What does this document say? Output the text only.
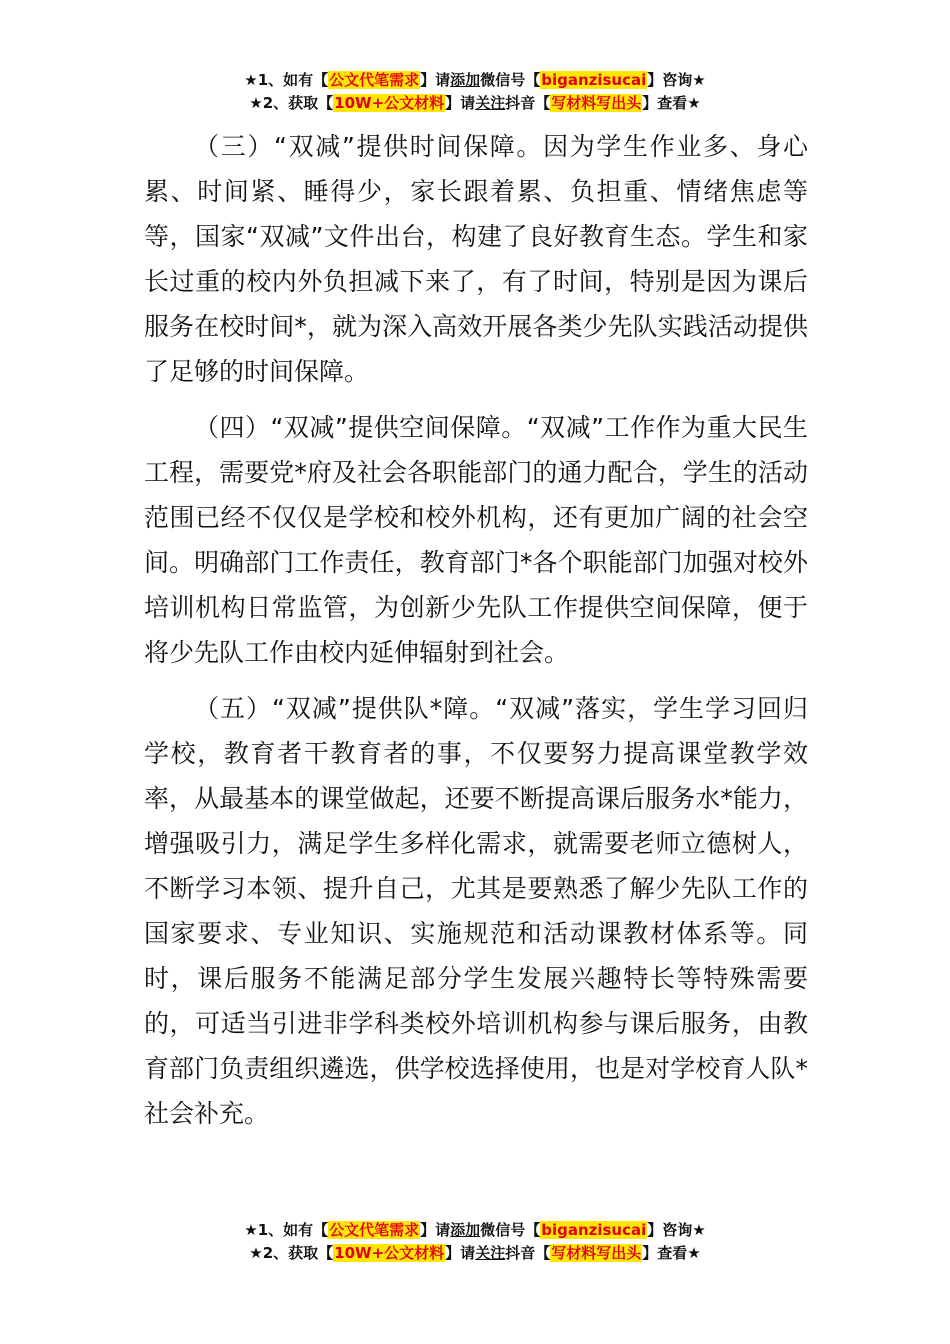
★1、如有【公文代笔需求】请添加微信号【biganzisucai】咨询★
★2、获取【10W+公文材料】请关注抖音【写材料写出头】查看★

（三）“双减”提供时间保障。因为学生作业多、身心累、时间紧、睡得少，家长跟着累、负担重、情绪焦虑等等，国家“双减”文件出台，构建了良好教育生态。学生和家长过重的校内外负担减下来了，有了时间，特别是因为课后服务在校时间*，就为深入高效开展各类少先队实践活动提供了足够的时间保障。

（四）“双减”提供空间保障。“双减”工作作为重大民生工程，需要党*府及社会各职能部门的通力配合，学生的活动范围已经不仅仅是学校和校外机构，还有更加广阔的社会空间。明确部门工作责任，教育部门*各个职能部门加强对校外培训机构日常监管，为创新少先队工作提供空间保障，便于将少先队工作由校内延伸辐射到社会。

（五）“双减”提供队*障。“双减”落实，学生学习回归学校，教育者干教育者的事，不仅要努力提高课堂教学效率，从最基本的课堂做起，还要不断提高课后服务水*能力，增强吸引力，满足学生多样化需求，就需要老师立德树人，不断学习本领、提升自己，尤其是要熟悉了解少先队工作的国家要求、专业知识、实施规范和活动课教材体系等。同时，课后服务不能满足部分学生发展兴趣特长等特殊需要的，可适当引进非学科类校外培训机构参与课后服务，由教育部门负责组织遴选，供学校选择使用，也是对学校育人队*社会补充。

★1、如有【公文代笔需求】请添加微信号【biganzisucai】咨询★
★2、获取【10W+公文材料】请关注抖音【写材料写出头】查看★
